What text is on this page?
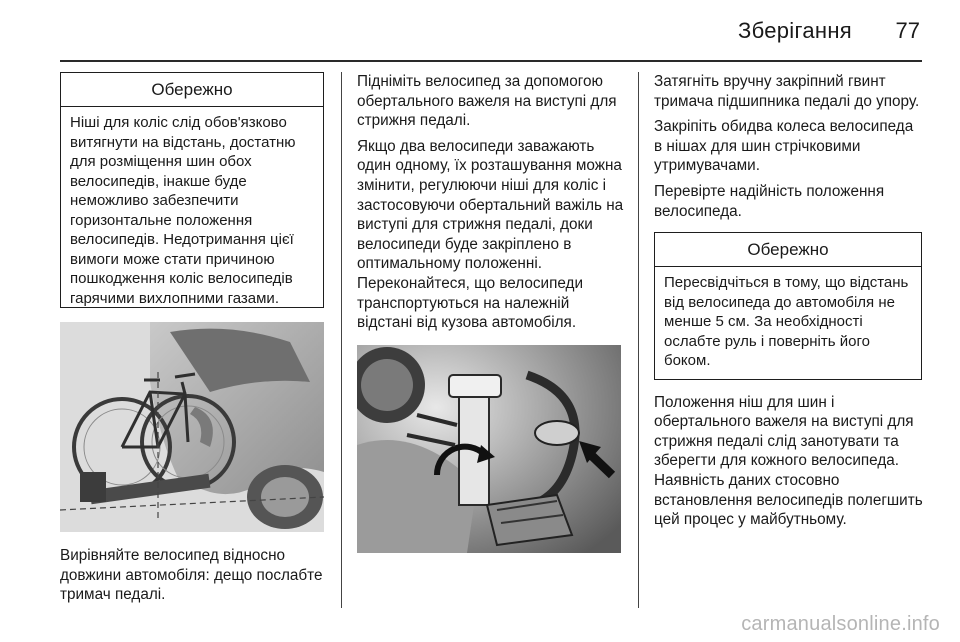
Зберігання 77
Обережно
Ніші для коліс слід обов'язково витягнути на відстань, достатню для розміщення шин обох велосипедів, інакше буде неможливо забезпечити горизонтальне положення велосипедів. Недотримання цієї вимоги може стати причиною пошкодження коліс велосипедів гарячими вихлопними газами.

Вирівняйте велосипед відносно довжини автомобіля: дещо послабте тримач педалі.

Підніміть велосипед за допомогою обертального важеля на виступі для стрижня педалі.

Якщо два велосипеди заважають один одному, їх розташування можна змінити, регулюючи ніші для коліс і застосовуючи обертальний важіль на виступі для стрижня педалі, доки велосипеди буде закріплено в оптимальному положенні. Переконайтеся, що велосипеди транспортуються на належній відстані від кузова автомобіля.

Затягніть вручну закріпний гвинт тримача підшипника педалі до упору.

Закріпіть обидва колеса велосипеда в нішах для шин стрічковими утримувачами.

Перевірте надійність положення велосипеда.

Обережно
Пересвідчіться в тому, що відстань від велосипеда до автомобіля не менше 5 см. За необхідності ослабте руль і поверніть його боком.

Положення ніш для шин і обертального важеля на виступі для стрижня педалі слід занотувати та зберегти для кожного велосипеда. Наявність даних стосовно встановлення велосипедів полегшить цей процес у майбутньому.

carmanualsonline.info
